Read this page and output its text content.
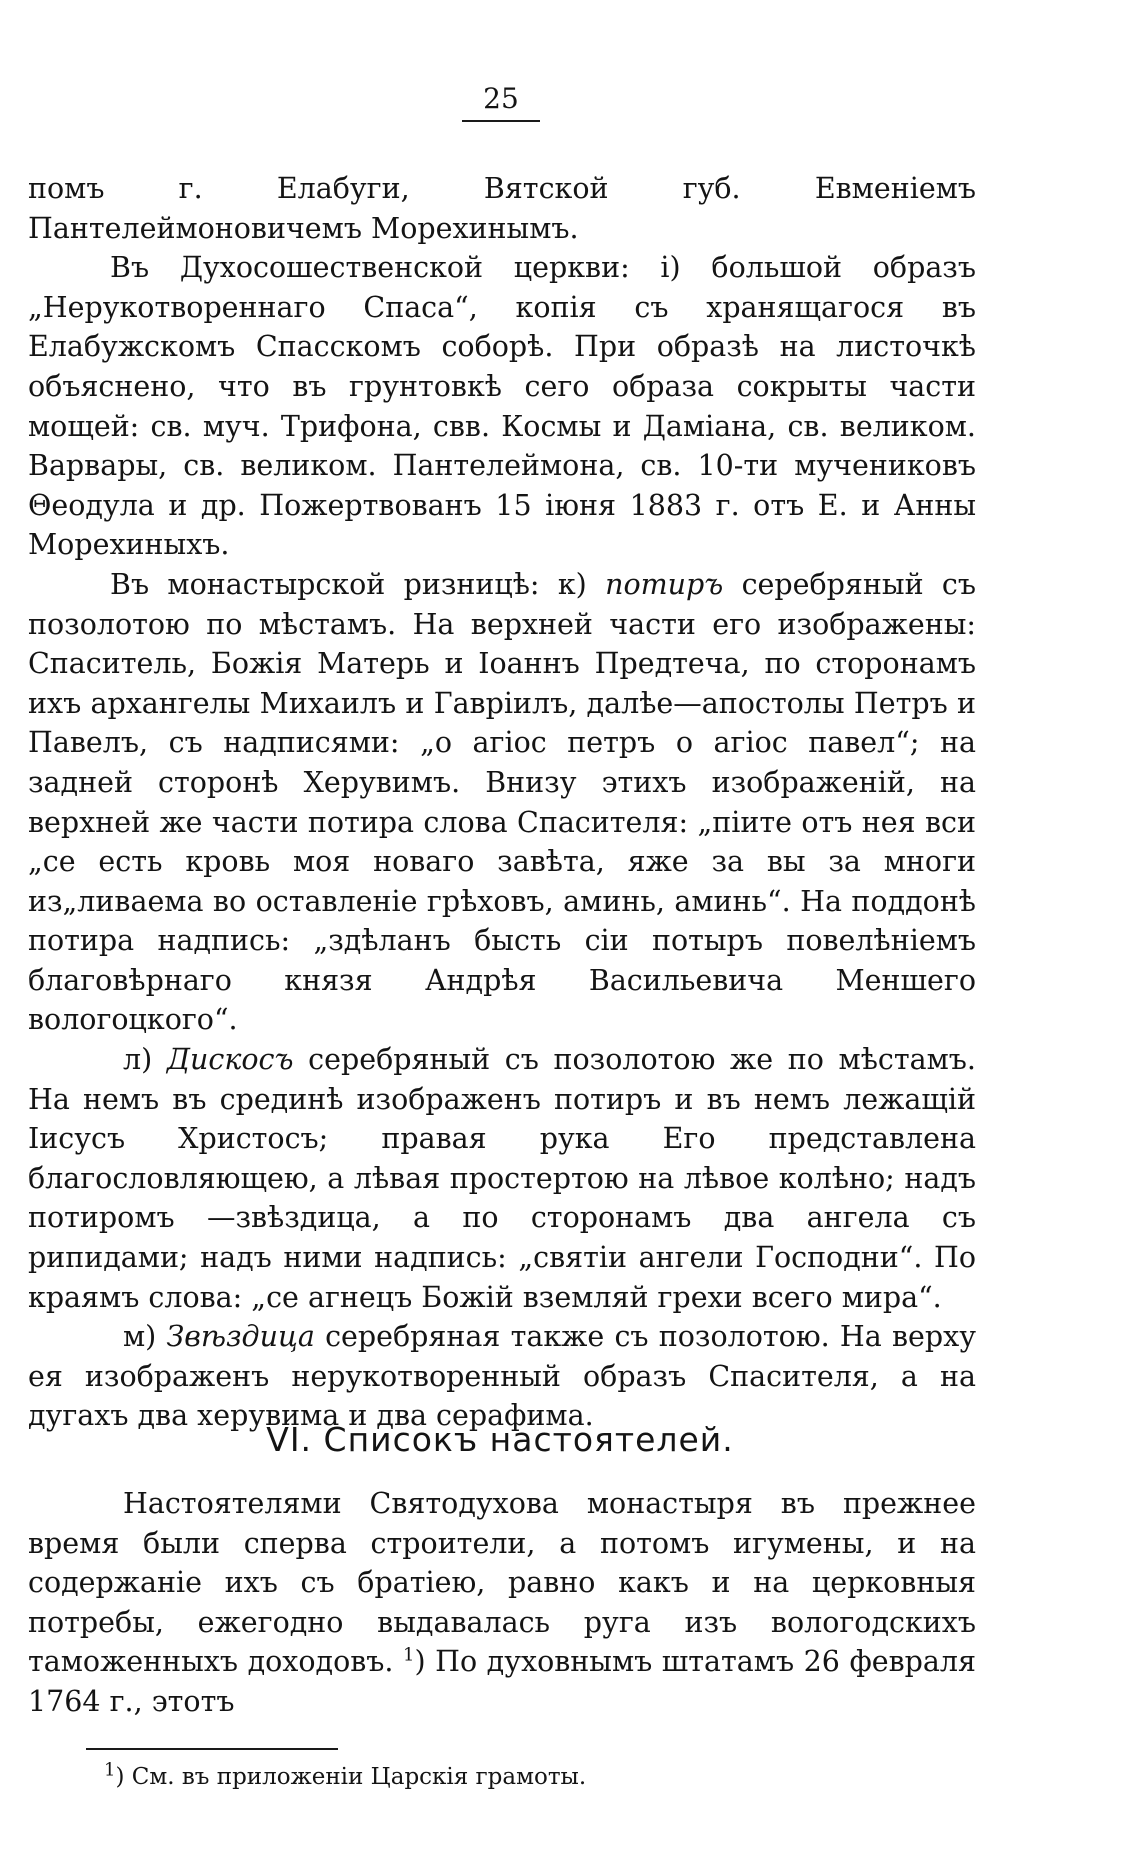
25

помъ г. Елабуги, Вятской губ. Евменіемъ Пантелеймоновичемъ Морехинымъ.

Въ Духосошественской церкви: і) большой образъ „Нерукотвореннаго Спаса“, копія съ хранящагося въ Елабужскомъ Спасскомъ соборѣ. При образѣ на листочкѣ объяснено, что въ грунтовкѣ сего образа сокрыты части мощей: св. муч. Трифона, свв. Космы и Даміана, св. великом. Варвары, св. великом. Пантелеймона, св. 10-ти мучениковъ Θеодула и др. Пожертвованъ 15 іюня 1883 г. отъ Е. и Анны Морехиныхъ.

Въ монастырской ризницѣ: к) потиръ серебряный съ позолотою по мѣстамъ. На верхней части его изображены: Спаситель, Божія Матерь и Іоаннъ Предтеча, по сторонамъ ихъ архангелы Михаилъ и Гавріилъ, далѣе—апостолы Петръ и Павелъ, съ надписями: „о агіос петръ о агіос павел“; на задней сторонѣ Херувимъ. Внизу этихъ изображеній, на верхней же части потира слова Спасителя: „піите отъ нея вси „се есть кровь моя новаго завѣта, яже за вы за многи из„ливаема во оставленіе грѣховъ, аминь, аминь“. На поддонѣ потира надпись: „здѣланъ бысть сіи потыръ повелѣніемъ благовѣрнаго князя Андрѣя Васильевича Меншего вологоцкого“.

л) Дискосъ серебряный съ позолотою же по мѣстамъ. На немъ въ срединѣ изображенъ потиръ и въ немъ лежащій Іисусъ Христосъ; правая рука Его представлена благословляющею, а лѣвая простертою на лѣвое колѣно; надъ потиромъ —звѣздица, а по сторонамъ два ангела съ рипидами; надъ ними надпись: „святіи ангели Господни“. По краямъ слова: „се агнецъ Божій вземляй грехи всего мира“.

м) Звѣздица серебряная также съ позолотою. На верху ея изображенъ нерукотворенный образъ Спасителя, а на дугахъ два херувима и два серафима.

VI. Списокъ настоятелей.

Настоятелями Святодухова монастыря въ прежнее время были сперва строители, а потомъ игумены, и на содержаніе ихъ съ братіею, равно какъ и на церковныя потребы, ежегодно выдавалась руга изъ вологодскихъ таможенныхъ доходовъ. $^1$) По духовнымъ штатамъ 26 февраля 1764 г., этотъ

$^1$) См. въ приложеніи Царскія грамоты.
